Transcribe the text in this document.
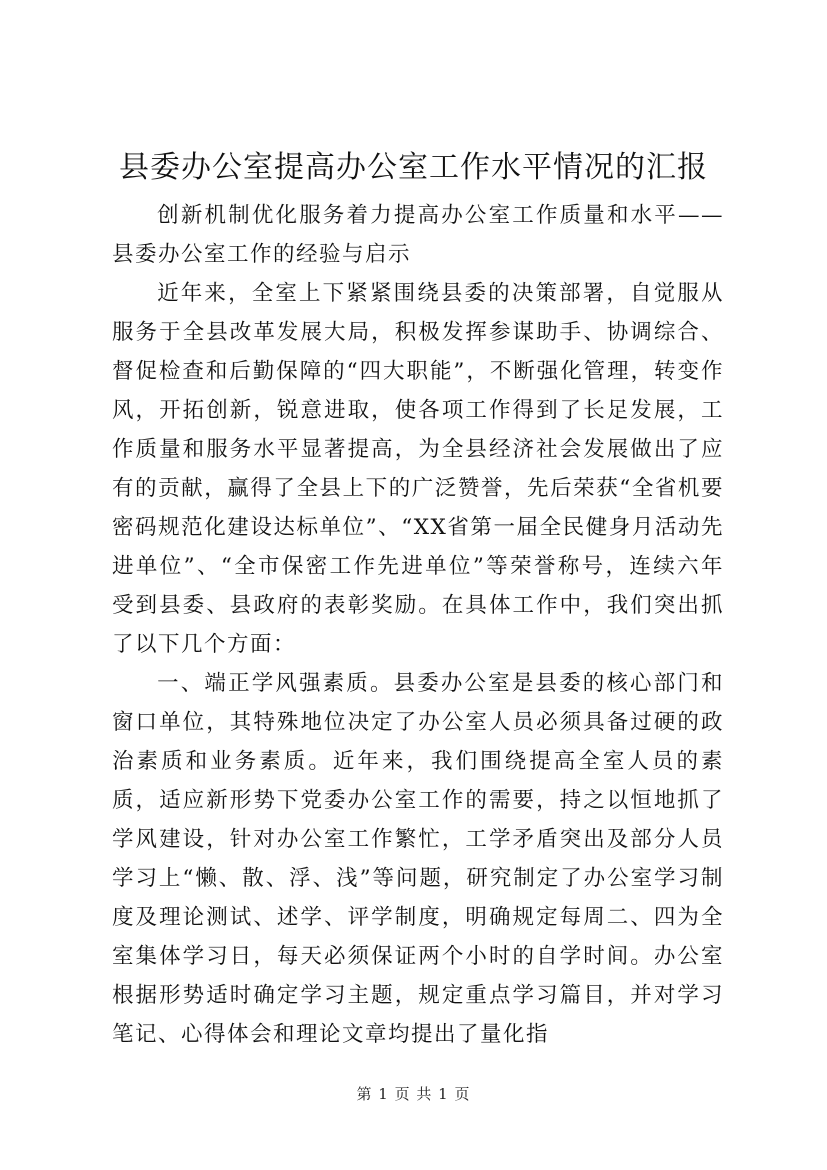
县委办公室提高办公室工作水平情况的汇报

创新机制优化服务着力提高办公室工作质量和水平——县委办公室工作的经验与启示

近年来，全室上下紧紧围绕县委的决策部署，自觉服从服务于全县改革发展大局，积极发挥参谋助手、协调综合、督促检查和后勤保障的“四大职能”，不断强化管理，转变作风，开拓创新，锐意进取，使各项工作得到了长足发展，工作质量和服务水平显著提高，为全县经济社会发展做出了应有的贡献，赢得了全县上下的广泛赞誉，先后荣获“全省机要密码规范化建设达标单位”、“XX省第一届全民健身月活动先进单位”、“全市保密工作先进单位”等荣誉称号，连续六年受到县委、县政府的表彰奖励。在具体工作中，我们突出抓了以下几个方面：

一、端正学风强素质。县委办公室是县委的核心部门和窗口单位，其特殊地位决定了办公室人员必须具备过硬的政治素质和业务素质。近年来，我们围绕提高全室人员的素质，适应新形势下党委办公室工作的需要，持之以恒地抓了学风建设，针对办公室工作繁忙，工学矛盾突出及部分人员学习上“懒、散、浮、浅”等问题，研究制定了办公室学习制度及理论测试、述学、评学制度，明确规定每周二、四为全室集体学习日，每天必须保证两个小时的自学时间。办公室根据形势适时确定学习主题，规定重点学习篇目，并对学习笔记、心得体会和理论文章均提出了量化指

第 1 页 共 1 页
